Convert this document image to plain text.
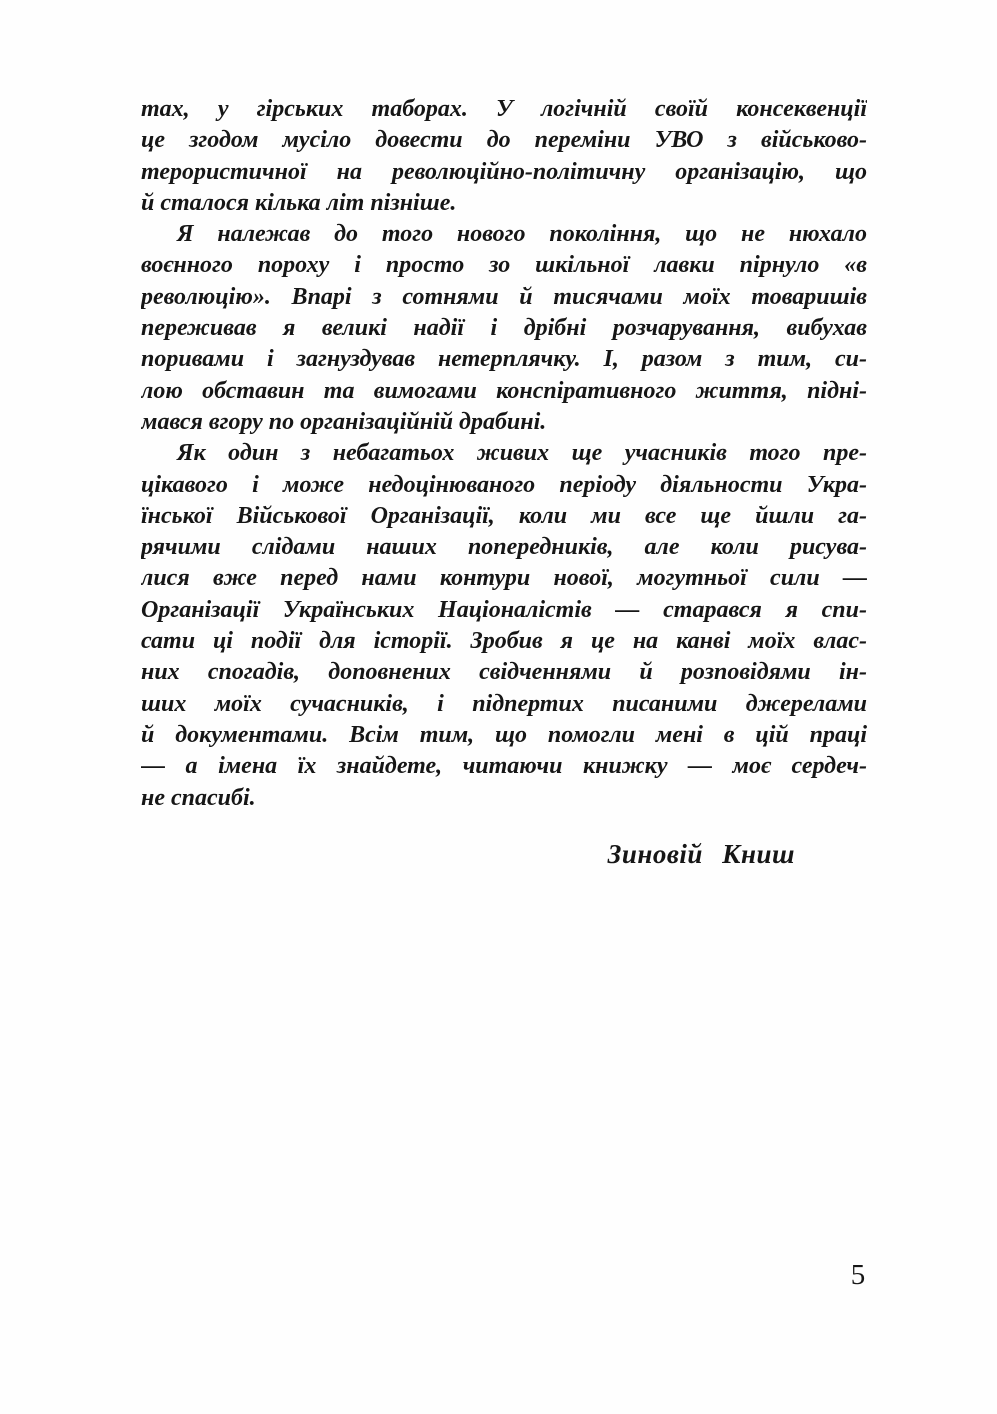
тах, у гірських таборах. У логічній своїй консеквенції
це згодом мусіло довести до переміни УВО з військово-
терористичної на революційно-політичну організацію, що
й сталося кілька літ пізніше.
Я належав до того нового покоління, що не нюхало
воєнного пороху і просто зо шкільної лавки пірнуло «в
революцію». Впарі з сотнями й тисячами моїх товаришів
переживав я великі надії і дрібні розчарування, вибухав
поривами і загнуздував нетерплячку. І, разом з тим, си-
лою обставин та вимогами конспіративного життя, підні-
мався вгору по організаційній драбині.
Як один з небагатьох живих ще учасників того пре-
цікавого і може недоцінюваного періоду діяльности Укра-
їнської Військової Організації, коли ми все ще йшли га-
рячими слідами наших попередників, але коли рисува-
лися вже перед нами контури нової, могутньої сили —
Організації Українських Націоналістів — старався я спи-
сати ці події для історії. Зробив я це на канві моїх влас-
них спогадів, доповнених свідченнями й розповідями ін-
ших моїх сучасників, і підпертих писаними джерелами
й документами. Всім тим, що помогли мені в цій праці
— а імена їх знайдете, читаючи книжку — моє сердеч-
не спасибі.
Зиновій Книш
5
